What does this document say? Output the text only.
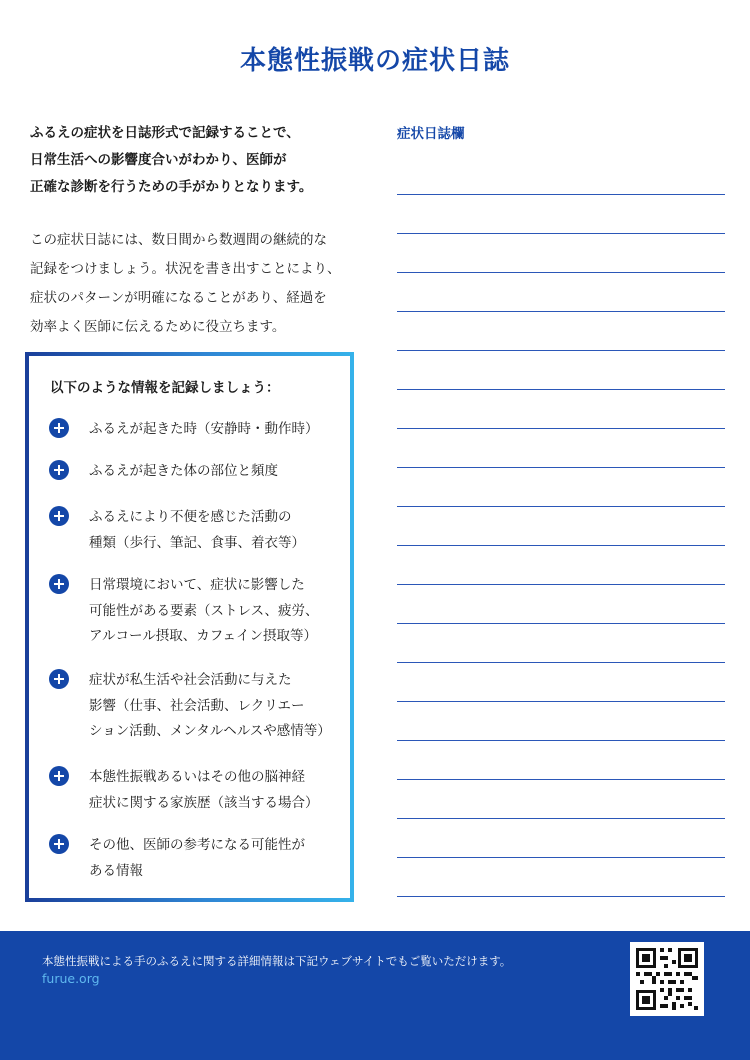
本態性振戦の症状日誌
ふるえの症状を日誌形式で記録することで、
日常生活への影響度合いがわかり、医師が
正確な診断を行うための手がかりとなります。
この症状日誌には、数日間から数週間の継続的な
記録をつけましょう。状況を書き出すことにより、
症状のパターンが明確になることがあり、経過を
効率よく医師に伝えるために役立ちます。
以下のような情報を記録しましょう：
ふるえが起きた時（安静時・動作時）
ふるえが起きた体の部位と頻度
ふるえにより不便を感じた活動の
種類（歩行、筆記、食事、着衣等）
日常環境において、症状に影響した
可能性がある要素（ストレス、疲労、
アルコール摂取、カフェイン摂取等）
症状が私生活や社会活動に与えた
影響（仕事、社会活動、レクリエー
ション活動、メンタルヘルスや感情等）
本態性振戦あるいはその他の脳神経
症状に関する家族歴（該当する場合）
その他、医師の参考になる可能性が
ある情報
症状日誌欄
本態性振戦による手のふるえに関する詳細情報は下記ウェブサイトでもご覧いただけます。
furue.org
